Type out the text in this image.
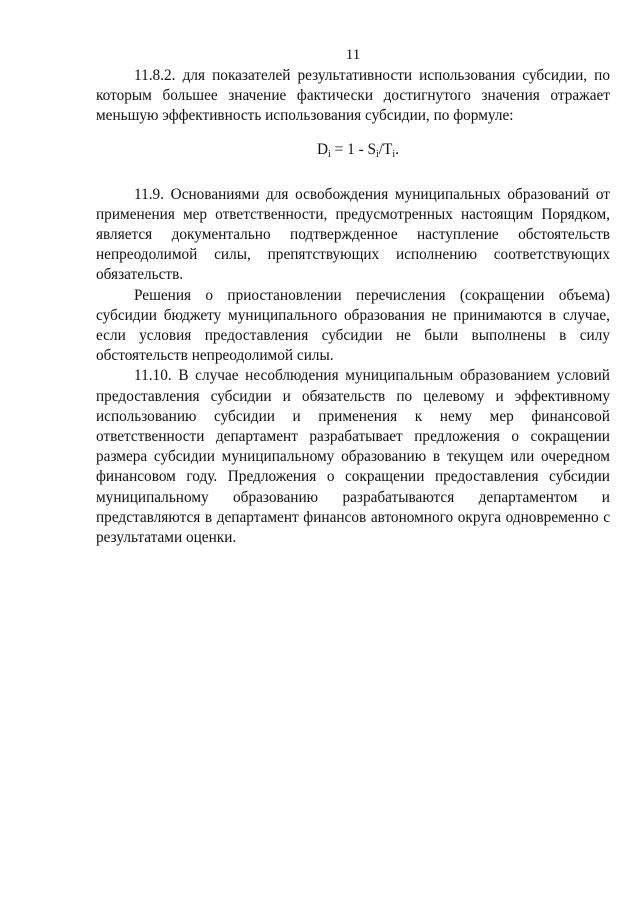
11

11.8.2. для показателей результативности использования субсидии, по которым большее значение фактически достигнутого значения отражает меньшую эффективность использования субсидии, по формуле:

$D_i = 1 - S_i/T_i$.

11.9. Основаниями для освобождения муниципальных образований от применения мер ответственности, предусмотренных настоящим Порядком, является документально подтвержденное наступление обстоятельств непреодолимой силы, препятствующих исполнению соответствующих обязательств.

Решения о приостановлении перечисления (сокращении объема) субсидии бюджету муниципального образования не принимаются в случае, если условия предоставления субсидии не были выполнены в силу обстоятельств непреодолимой силы.

11.10. В случае несоблюдения муниципальным образованием условий предоставления субсидии и обязательств по целевому и эффективному использованию субсидии и применения к нему мер финансовой ответственности департамент разрабатывает предложения о сокращении размера субсидии муниципальному образованию в текущем или очередном финансовом году. Предложения о сокращении предоставления субсидии муниципальному образованию разрабатываются департаментом и представляются в департамент финансов автономного округа одновременно с результатами оценки.
